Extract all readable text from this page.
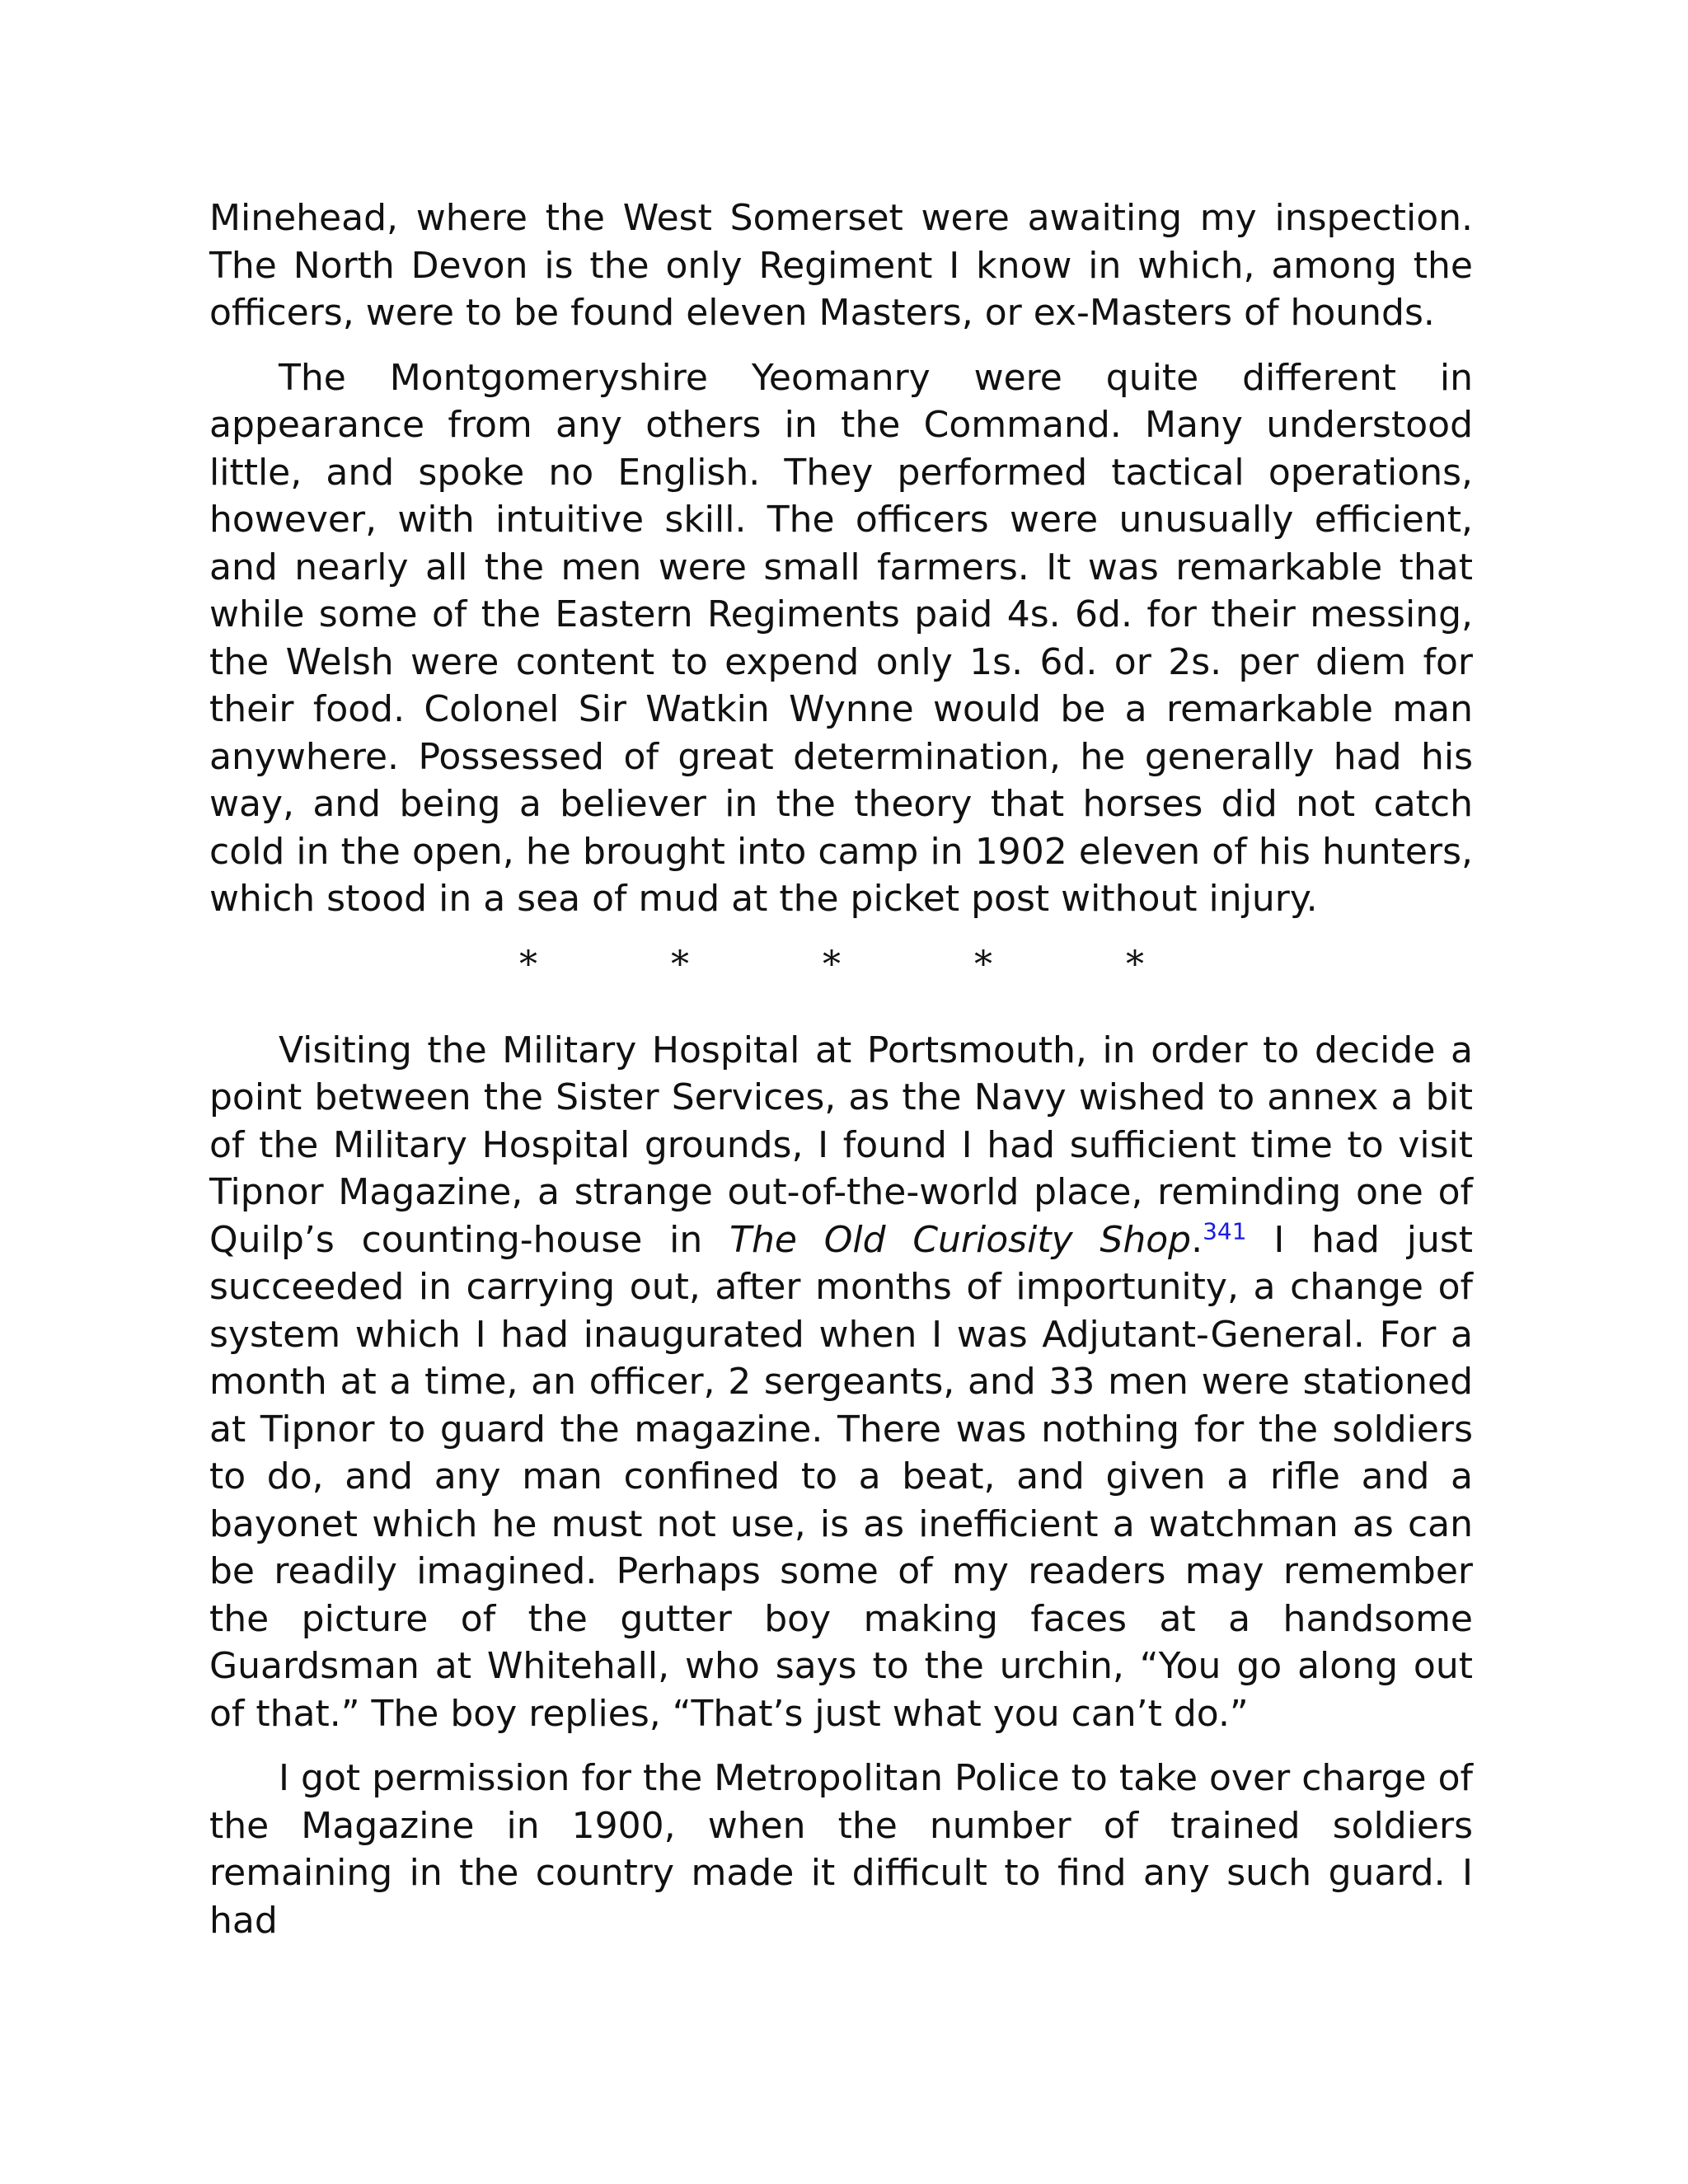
Minehead, where the West Somerset were awaiting my inspection. The North Devon is the only Regiment I know in which, among the officers, were to be found eleven Masters, or ex-Masters of hounds.

The Montgomeryshire Yeomanry were quite different in appearance from any others in the Command. Many understood little, and spoke no English. They performed tactical operations, however, with intuitive skill. The officers were unusually efficient, and nearly all the men were small farmers. It was remarkable that while some of the Eastern Regiments paid 4s. 6d. for their messing, the Welsh were content to expend only 1s. 6d. or 2s. per diem for their food. Colonel Sir Watkin Wynne would be a remarkable man anywhere. Possessed of great determination, he generally had his way, and being a believer in the theory that horses did not catch cold in the open, he brought into camp in 1902 eleven of his hunters, which stood in a sea of mud at the picket post without injury.

*	*	*	*	*

Visiting the Military Hospital at Portsmouth, in order to decide a point between the Sister Services, as the Navy wished to annex a bit of the Military Hospital grounds, I found I had sufficient time to visit Tipnor Magazine, a strange out-of-the-world place, reminding one of Quilp’s counting-house in The Old Curiosity Shop.$^{341}$ I had just succeeded in carrying out, after months of importunity, a change of system which I had inaugurated when I was Adjutant-General. For a month at a time, an officer, 2 sergeants, and 33 men were stationed at Tipnor to guard the magazine. There was nothing for the soldiers to do, and any man confined to a beat, and given a rifle and a bayonet which he must not use, is as inefficient a watchman as can be readily imagined. Perhaps some of my readers may remember the picture of the gutter boy making faces at a handsome Guardsman at Whitehall, who says to the urchin, “You go along out of that.” The boy replies, “That’s just what you can’t do.”

I got permission for the Metropolitan Police to take over charge of the Magazine in 1900, when the number of trained soldiers remaining in the country made it difficult to find any such guard. I had
